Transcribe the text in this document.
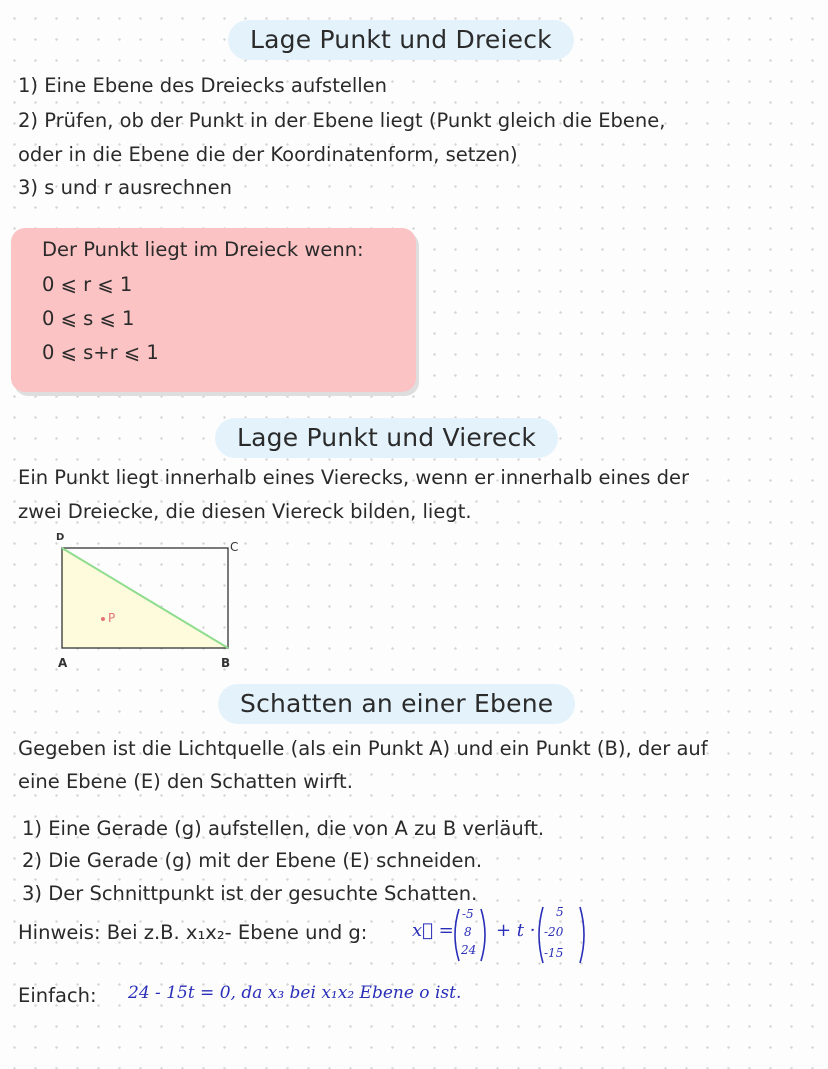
Lage Punkt und Dreieck
1) Eine Ebene des Dreiecks aufstellen
2) Prüfen, ob der Punkt in der Ebene liegt (Punkt gleich die Ebene,
oder in die Ebene die der Koordinatenform, setzen)
3) s und r ausrechnen
Der Punkt liegt im Dreieck wenn:
0 ⩽ r ⩽ 1
0 ⩽ s ⩽ 1
0 ⩽ s+r ⩽ 1
Lage Punkt und Viereck
Ein Punkt liegt innerhalb eines Vierecks, wenn er innerhalb eines der
zwei Dreiecke, die diesen Viereck bilden, liegt.
D
C
A	B
P
Schatten an einer Ebene
Gegeben ist die Lichtquelle (als ein Punkt A) und ein Punkt (B), der auf
eine Ebene (E) den Schatten wirft.
1) Eine Gerade (g) aufstellen, die von A zu B verläuft.
2) Die Gerade (g) mit der Ebene (E) schneiden.
3) Der Schnittpunkt ist der gesuchte Schatten.
Hinweis: Bei z.B. x₁x₂- Ebene und g: x⃗ =
-5
8
24
+ t ·
5
-20
-15
Einfach: 24 - 15t = 0, da x₃ bei x₁x₂ Ebene o ist.
